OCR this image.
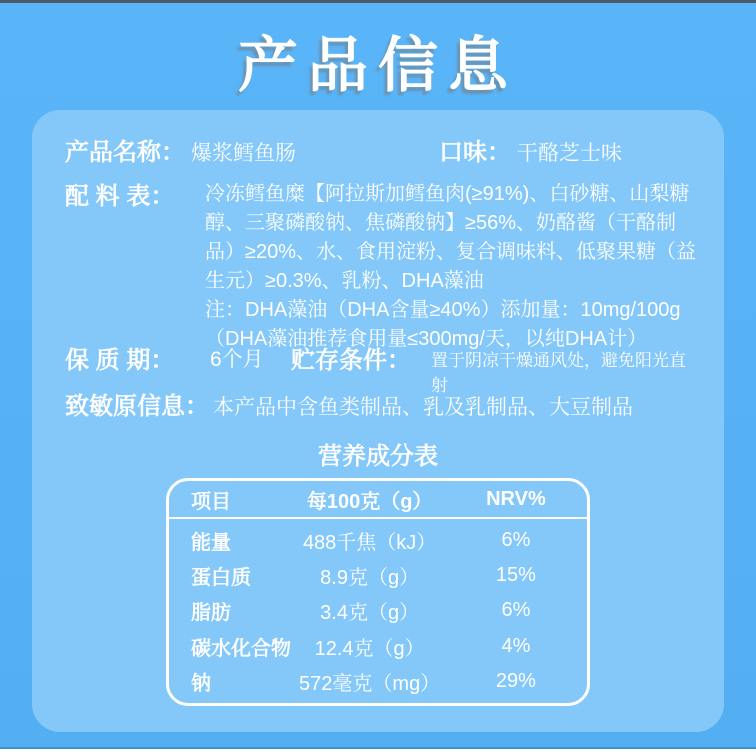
产品信息
产品名称： 爆浆鳕鱼肠	口味： 干酪芝士味
配 料 表： 冷冻鳕鱼糜【阿拉斯加鳕鱼肉(≥91%)、白砂糖、山梨糖醇、三聚磷酸钠、焦磷酸钠】≥56%、奶酪酱（干酪制品）≥20%、水、食用淀粉、复合调味料、低聚果糖（益生元）≥0.3%、乳粉、DHA藻油
注：DHA藻油（DHA含量≥40%）添加量：10mg/100g（DHA藻油推荐食用量≤300mg/天，以纯DHA计）
保 质 期： 6个月 贮存条件： 置于阴凉干燥通风处，避免阳光直射
致敏原信息： 本产品中含鱼类制品、乳及乳制品、大豆制品
营养成分表
项目	每100克（g）	NRV%
能量	488千焦（kJ）	6%
蛋白质	8.9克（g）	15%
脂肪	3.4克（g）	6%
碳水化合物	12.4克（g）	4%
钠	572毫克（mg）	29%
